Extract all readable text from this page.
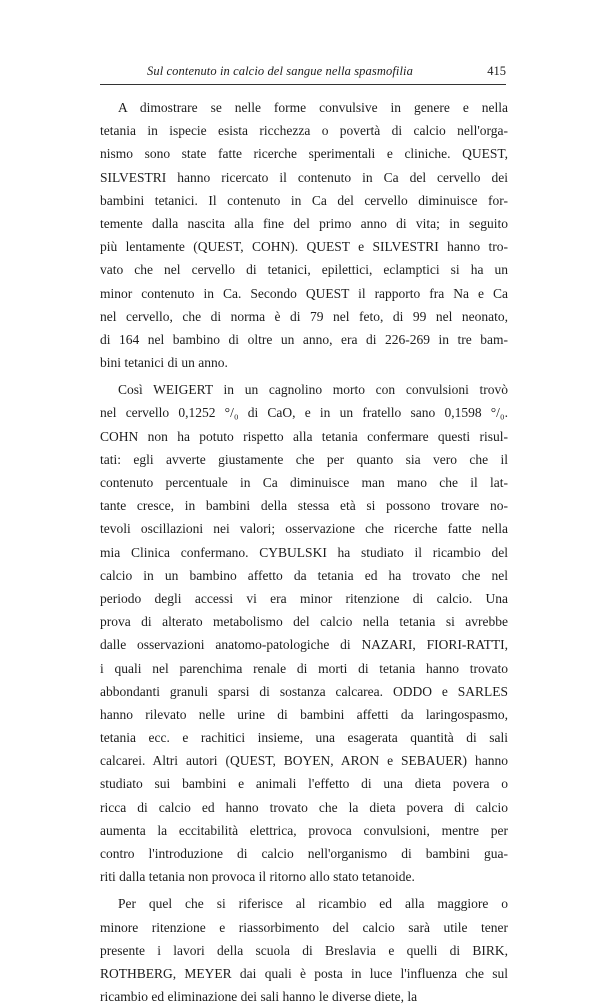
Sul contenuto in calcio del sangue nella spasmofilia	415
A dimostrare se nelle forme convulsive in genere e nella
tetania in ispecie esista ricchezza o povertà di calcio nell'orga-
nismo sono state fatte ricerche sperimentali e cliniche. QUEST,
SILVESTRI hanno ricercato il contenuto in Ca del cervello dei
bambini tetanici. Il contenuto in Ca del cervello diminuisce for-
temente dalla nascita alla fine del primo anno di vita; in seguito
più lentamente (QUEST, COHN). QUEST e SILVESTRI hanno tro-
vato che nel cervello di tetanici, epilettici, eclamptici si ha un
minor contenuto in Ca. Secondo QUEST il rapporto fra Na e Ca
nel cervello, che di norma è di 79 nel feto, di 99 nel neonato,
di 164 nel bambino di oltre un anno, era di 226-269 in tre bam-
bini tetanici di un anno.
Così WEIGERT in un cagnolino morto con convulsioni trovò
nel cervello 0,1252 °/₀ di CaO, e in un fratello sano 0,1598 °/₀.
COHN non ha potuto rispetto alla tetania confermare questi risul-
tati: egli avverte giustamente che per quanto sia vero che il
contenuto percentuale in Ca diminuisce man mano che il lat-
tante cresce, in bambini della stessa età si possono trovare no-
tevoli oscillazioni nei valori; osservazione che ricerche fatte nella
mia Clinica confermano. CYBULSKI ha studiato il ricambio del
calcio in un bambino affetto da tetania ed ha trovato che nel
periodo degli accessi vi era minor ritenzione di calcio. Una
prova di alterato metabolismo del calcio nella tetania si avrebbe
dalle osservazioni anatomo-patologiche di NAZARI, FIORI-RATTI,
i quali nel parenchima renale di morti di tetania hanno trovato
abbondanti granuli sparsi di sostanza calcarea. ODDO e SARLES
hanno rilevato nelle urine di bambini affetti da laringospasmo,
tetania ecc. e rachitici insieme, una esagerata quantità di sali
calcarei. Altri autori (QUEST, BOYEN, ARON e SEBAUER) hanno
studiato sui bambini e animali l'effetto di una dieta povera o
ricca di calcio ed hanno trovato che la dieta povera di calcio
aumenta la eccitabilità elettrica, provoca convulsioni, mentre per
contro l'introduzione di calcio nell'organismo di bambini gua-
riti dalla tetania non provoca il ritorno allo stato tetanoide.
Per quel che si riferisce al ricambio ed alla maggiore o
minore ritenzione e riassorbimento del calcio sarà utile tener
presente i lavori della scuola di Breslavia e quelli di BIRK,
ROTHBERG, MEYER dai quali è posta in luce l'influenza che sul
ricambio ed eliminazione dei sali hanno le diverse diete, la
